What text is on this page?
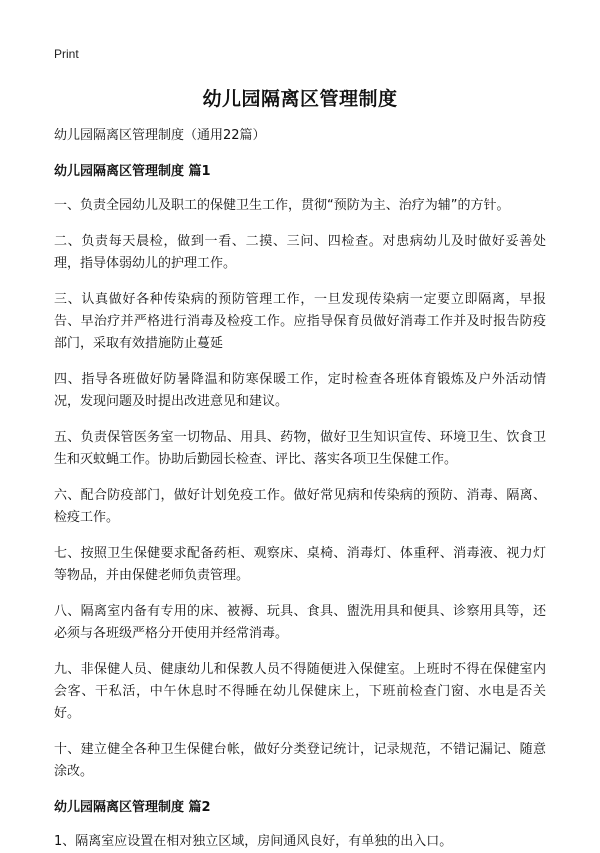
Print
幼儿园隔离区管理制度
幼儿园隔离区管理制度（通用22篇）
幼儿园隔离区管理制度 篇1

一、负责全园幼儿及职工的保健卫生工作，贯彻“预防为主、治疗为辅”的方针。

二、负责每天晨检，做到一看、二摸、三问、四检查。对患病幼儿及时做好妥善处理，指导体弱幼儿的护理工作。

三、认真做好各种传染病的预防管理工作，一旦发现传染病一定要立即隔离，早报告、早治疗并严格进行消毒及检疫工作。应指导保育员做好消毒工作并及时报告防疫部门，采取有效措施防止蔓延

四、指导各班做好防暑降温和防寒保暖工作，定时检查各班体育锻炼及户外活动情况，发现问题及时提出改进意见和建议。

五、负责保管医务室一切物品、用具、药物，做好卫生知识宣传、环境卫生、饮食卫生和灭蚊蝇工作。协助后勤园长检查、评比、落实各项卫生保健工作。

六、配合防疫部门，做好计划免疫工作。做好常见病和传染病的预防、消毒、隔离、检疫工作。

七、按照卫生保健要求配备药柜、观察床、桌椅、消毒灯、体重秤、消毒液、视力灯等物品，并由保健老师负责管理。

八、隔离室内备有专用的床、被褥、玩具、食具、盥洗用具和便具、诊察用具等，还必须与各班级严格分开使用并经常消毒。

九、非保健人员、健康幼儿和保教人员不得随便进入保健室。上班时不得在保健室内会客、干私活，中午休息时不得睡在幼儿保健床上，下班前检查门窗、水电是否关好。

十、建立健全各种卫生保健台帐，做好分类登记统计，记录规范，不错记漏记、随意涂改。

幼儿园隔离区管理制度 篇2

1、隔离室应设置在相对独立区域，房间通风良好，有单独的出入口。
